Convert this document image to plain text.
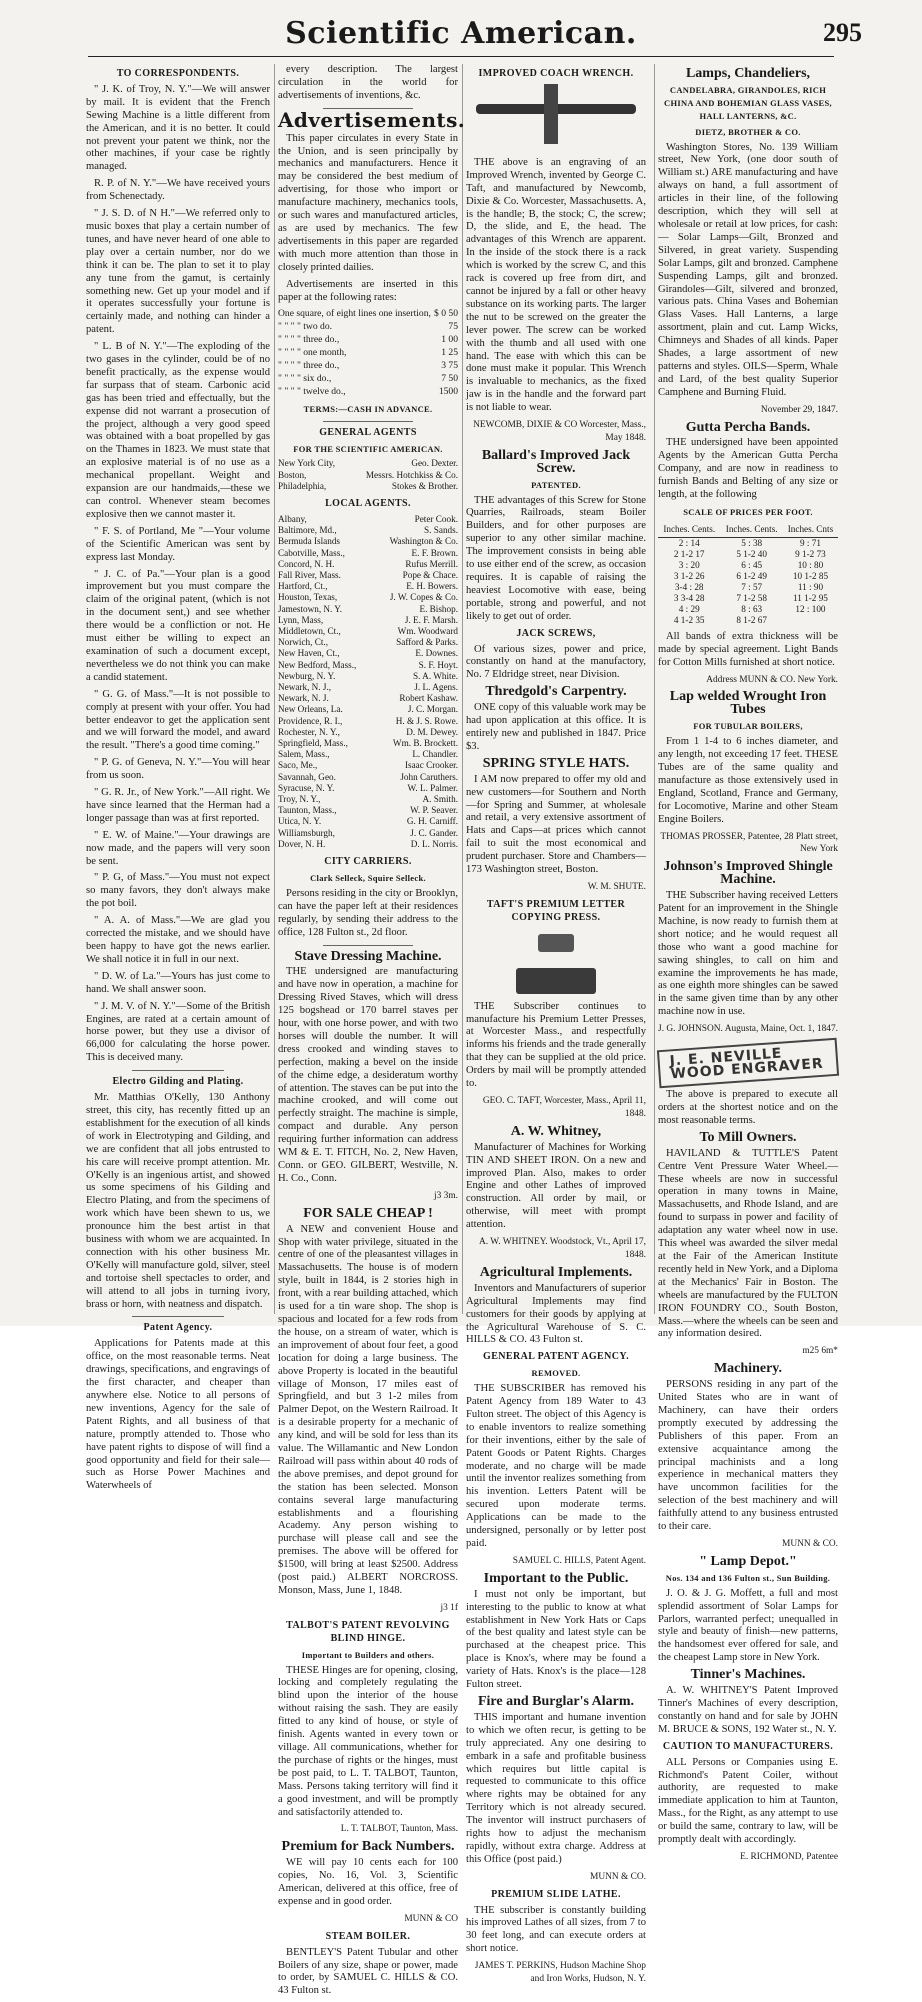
Scientific American.	295
TO CORRESPONDENTS.

" J. K. of Troy, N. Y."—We will answer by mail. It is evident that the French Sewing Machine is a little different from the American, and it is no better. It could not prevent your patent we think, nor the other machines, if your case be rightly managed.

R. P. of N. Y."—We have received yours from Schenectady.

" J. S. D. of N H."—We referred only to music boxes that play a certain number of tunes, and have never heard of one able to play over a certain number, nor do we think it can be. The plan to set it to play any tune from the gamut, is certainly something new. Get up your model and if it operates successfully your fortune is certainly made, and nothing can hinder a patent.

" L. B of N. Y."—The exploding of the two gases in the cylinder, could be of no benefit practically, as the expense would far surpass that of steam. Carbonic acid gas has been tried and effectually, but the expense did not warrant a prosecution of the project, although a very good speed was obtained with a boat propelled by gas on the Thames in 1823. We must state that an explosive material is of no use as a mechanical propellant. Weight and expansion are our handmaids,—these we can control. Whenever steam becomes explosive then we cannot master it.

" F. S. of Portland, Me "—Your volume of the Scientific American was sent by express last Monday.

" J. C. of Pa."—Your plan is a good improvement but you must compare the claim of the original patent, (which is not in the document sent,) and see whether there would be a confliction or not. He must either be willing to expect an examination of such a document except, nevertheless we do not think you can make a candid statement.

" G. G. of Mass."—It is not possible to comply at present with your offer. You had better endeavor to get the application sent and we will forward the model, and award the result. "There's a good time coming."

" P. G. of Geneva, N. Y."—You will hear from us soon.

" G. R. Jr., of New York."—All right. We have since learned that the Herman had a longer passage than was at first reported.

" E. W. of Maine."—Your drawings are now made, and the papers will very soon be sent.

" P. G, of Mass."—You must not expect so many favors, they don't always make the pot boil.

" A. A. of Mass."—We are glad you corrected the mistake, and we should have been happy to have got the news earlier. We shall notice it in full in our next.

" D. W. of La."—Yours has just come to hand. We shall answer soon.

" J. M. V. of N. Y."—Some of the British Engines, are rated at a certain amount of horse power, but they use a divisor of 66,000 for calculating the horse power. This is deceived many.

Electro Gilding and Plating.

Mr. Matthias O'Kelly, 130 Anthony street, this city, has recently fitted up an establishment for the execution of all kinds of work in Electrotyping and Gilding, and we are confident that all jobs entrusted to his care will receive prompt attention. Mr. O'Kelly is an ingenious artist, and showed us some specimens of his Gilding and Electro Plating, and from the specimens of work which have been shewn to us, we pronounce him the best artist in that business with whom we are acquainted. In connection with his other business Mr. O'Kelly will manufacture gold, silver, steel and tortoise shell spectacles to order, and will attend to all jobs in turning ivory, brass or horn, with neatness and dispatch.

Patent Agency.

Applications for Patents made at this office, on the most reasonable terms. Neat drawings, specifications, and engravings of the first character, and cheaper than anywhere else. Notice to all persons of new inventions, Agency for the sale of Patent Rights, and all business of that nature, promptly attended to. Those who have patent rights to dispose of will find a good opportunity and field for their sale—such as Horse Power Machines and Waterwheels of

every description. The largest circulation in the world for advertisements of inventions, &c.

Advertisements.

This paper circulates in every State in the Union, and is seen principally by mechanics and manufacturers. Hence it may be considered the best medium of advertising, for those who import or manufacture machinery, mechanics tools, or such wares and manufactured articles, as are used by mechanics. The few advertisements in this paper are regarded with much more attention than those in closely printed dailies.

Advertisements are inserted in this paper at the following rates:

One square, of eight lines one insertion, $ 0 50
" " " " two do.	75
" " " " three do.,	1 00
" " " " one month,	1 25
" " " " three do.,	3 75
" " " " six do.,	7 50
" " " " twelve do.,	1500
TERMS:—CASH IN ADVANCE.
GENERAL AGENTS
FOR THE SCIENTIFIC AMERICAN.
New York City,	Geo. Dexter.
Boston,	Messrs. Hotchkiss & Co.
Philadelphia,	Stokes & Brother.
LOCAL AGENTS.
Albany,	Peter Cook.
Baltimore, Md.,	S. Sands.
Bermuda Islands	Washington & Co.
Cabotville, Mass.,	E. F. Brown.
Concord, N. H.	Rufus Merrill.
Fall River, Mass.	Pope & Chace.
Hartford, Ct.,	E. H. Bowers.
Houston, Texas,	J. W. Copes & Co.
Jamestown, N. Y.	E. Bishop.
Lynn, Mass,	J. E. F. Marsh.
Middletown, Ct.,	Wm. Woodward
Norwich, Ct.,	Safford & Parks.
New Haven, Ct.,	E. Downes.
New Bedford, Mass.,	S. F. Hoyt.
Newburg, N. Y.	S. A. White.
Newark, N. J.,	J. L. Agens.
Newark, N. J.	Robert Kashaw.
New Orleans, La.	J. C. Morgan.
Providence, R. I.,	H. & J. S. Rowe.
Rochester, N. Y.,	D. M. Dewey.
Springfield, Mass.,	Wm. B. Brockett.
Salem, Mass.,	L. Chandler.
Saco, Me.,	Isaac Crooker.
Savannah, Geo.	John Caruthers.
Syracuse, N. Y.	W. L. Palmer.
Troy, N. Y.,	A. Smith.
Taunton, Mass.,	W. P. Seaver.
Utica, N. Y.	G. H. Carniff.
Williamsburgh,	J. C. Gander.
Dover, N. H.	D. L. Norris.
CITY CARRIERS.
Clark Selleck, Squire Selleck.

Persons residing in the city or Brooklyn, can have the paper left at their residences regularly, by sending their address to the office, 128 Fulton st., 2d floor.

Stave Dressing Machine.

THE undersigned are manufacturing and have now in operation, a machine for Dressing Rived Staves, which will dress 125 bogshead or 170 barrel staves per hour, with one horse power, and with two horses will double the number. It will dress crooked and winding staves to perfection, making a bevel on the inside of the chime edge, a desideratum worthy of attention. The staves can be put into the machine crooked, and will come out perfectly straight. The machine is simple, compact and durable. Any person requiring further information can address WM & E. T. FITCH, No. 2, New Haven, Conn. or GEO. GILBERT, Westville, N. H. Co., Conn.

j3 3m.
FOR SALE CHEAP !

A NEW and convenient House and Shop with water privilege, situated in the centre of one of the pleasantest villages in Massachusetts. The house is of modern style, built in 1844, is 2 stories high in front, with a rear building attached, which is used for a tin ware shop. The shop is spacious and located for a few rods from the house, on a stream of water, which is an improvement of about four feet, a good location for doing a large business. The above Property is located in the beautiful village of Monson, 17 miles east of Springfield, and but 3 1-2 miles from Palmer Depot, on the Western Railroad. It is a desirable property for a mechanic of any kind, and will be sold for less than its value. The Willamantic and New London Railroad will pass within about 40 rods of the above premises, and depot ground for the station has been selected. Monson contains several large manufacturing establishments and a flourishing Academy. Any person wishing to purchase will please call and see the premises. The above will be offered for $1500, will bring at least $2500. Address (post paid.) ALBERT NORCROSS. Monson, Mass, June 1, 1848.

j3 1f
TALBOT'S PATENT REVOLVING BLIND HINGE.
Important to Builders and others.

THESE Hinges are for opening, closing, locking and completely regulating the blind upon the interior of the house without raising the sash. They are easily fitted to any kind of house, or style of finish. Agents wanted in every town or village. All communications, whether for the purchase of rights or the hinges, must be post paid, to L. T. TALBOT, Taunton, Mass. Persons taking territory will find it a good investment, and will be promptly and satisfactorily attended to.

L. T. TALBOT, Taunton, Mass.
Premium for Back Numbers.

WE will pay 10 cents each for 100 copies, No. 16, Vol. 3, Scientific American, delivered at this office, free of expense and in good order.

MUNN & CO
STEAM BOILER.

BENTLEY'S Patent Tubular and other Boilers of any size, shape or power, made to order, by SAMUEL C. HILLS & CO. 43 Fulton st.

IMPROVED COACH WRENCH.

THE above is an engraving of an Improved Wrench, invented by George C. Taft, and manufactured by Newcomb, Dixie & Co. Worcester, Massachusetts. A, is the handle; B, the stock; C, the screw; D, the slide, and E, the head. The advantages of this Wrench are apparent. In the inside of the stock there is a rack which is worked by the screw C, and this rack is covered up free from dirt, and cannot be injured by a fall or other heavy substance on its working parts. The larger the nut to be screwed on the greater the lever power. The screw can be worked with the thumb and all used with one hand. The ease with which this can be done must make it popular. This Wrench is invaluable to mechanics, as the fixed jaw is in the handle and the forward part is not liable to wear.

NEWCOMB, DIXIE & CO Worcester, Mass., May 1848.
Ballard's Improved Jack Screw.
PATENTED.

THE advantages of this Screw for Stone Quarries, Railroads, steam Boiler Builders, and for other purposes are superior to any other similar machine. The improvement consists in being able to use either end of the screw, as occasion requires. It is capable of raising the heaviest Locomotive with ease, being portable, strong and powerful, and not likely to get out of order.

JACK SCREWS,

Of various sizes, power and price, constantly on hand at the manufactory, No. 7 Eldridge street, near Division.

Thredgold's Carpentry.

ONE copy of this valuable work may be had upon application at this office. It is entirely new and published in 1847. Price $3.

SPRING STYLE HATS.

I AM now prepared to offer my old and new customers—for Southern and North—for Spring and Summer, at wholesale and retail, a very extensive assortment of Hats and Caps—at prices which cannot fail to suit the most economical and prudent purchaser. Store and Chambers—173 Washington street, Boston.

W. M. SHUTE.
TAFT'S PREMIUM LETTER COPYING PRESS.

THE Subscriber continues to manufacture his Premium Letter Presses, at Worcester Mass., and respectfully informs his friends and the trade generally that they can be supplied at the old price. Orders by mail will be promptly attended to.

GEO. C. TAFT, Worcester, Mass., April 11, 1848.
A. W. Whitney,

Manufacturer of Machines for Working TIN AND SHEET IRON. On a new and improved Plan. Also, makes to order Engine and other Lathes of improved construction. All order by mail, or otherwise, will meet with prompt attention.

A. W. WHITNEY. Woodstock, Vt., April 17, 1848.
Agricultural Implements.

Inventors and Manufacturers of superior Agricultural Implements may find customers for their goods by applying at the Agricultural Warehouse of S. C. HILLS & CO. 43 Fulton st.

GENERAL PATENT AGENCY.
REMOVED.

THE SUBSCRIBER has removed his Patent Agency from 189 Water to 43 Fulton street. The object of this Agency is to enable inventors to realize something for their inventions, either by the sale of Patent Goods or Patent Rights. Charges moderate, and no charge will be made until the inventor realizes something from his invention. Letters Patent will be secured upon moderate terms. Applications can be made to the undersigned, personally or by letter post paid.

SAMUEL C. HILLS, Patent Agent.
Important to the Public.

I must not only be important, but interesting to the public to know at what establishment in New York Hats or Caps of the best quality and latest style can be purchased at the cheapest price. This place is Knox's, where may be found a variety of Hats. Knox's is the place—128 Fulton street.

Fire and Burglar's Alarm.

THIS important and humane invention to which we often recur, is getting to be truly appreciated. Any one desiring to embark in a safe and profitable business which requires but little capital is requested to communicate to this office where rights may be obtained for any Territory which is not already secured. The inventor will instruct purchasers of rights how to adjust the mechanism rapidly, without extra charge. Address at this Office (post paid.)

MUNN & CO.
PREMIUM SLIDE LATHE.

THE subscriber is constantly building his improved Lathes of all sizes, from 7 to 30 feet long, and can execute orders at short notice.

JAMES T. PERKINS, Hudson Machine Shop and Iron Works, Hudson, N. Y.
Lamps, Chandeliers,
CANDELABRA, GIRANDOLES, RICH CHINA AND BOHEMIAN GLASS VASES, HALL LANTERNS, &C.
DIETZ, BROTHER & CO.

Washington Stores, No. 139 William street, New York, (one door south of William st.) ARE manufacturing and have always on hand, a full assortment of articles in their line, of the following description, which they will sell at wholesale or retail at low prices, for cash:— Solar Lamps—Gilt, Bronzed and Silvered, in great variety. Suspending Solar Lamps, gilt and bronzed. Camphene Suspending Lamps, gilt and bronzed. Girandoles—Gilt, silvered and bronzed, various pats. China Vases and Bohemian Glass Vases. Hall Lanterns, a large assortment, plain and cut. Lamp Wicks, Chimneys and Shades of all kinds. Paper Shades, a large assortment of new patterns and styles. OILS—Sperm, Whale and Lard, of the best quality Superior Camphene and Burning Fluid.

November 29, 1847.
Gutta Percha Bands.

THE undersigned have been appointed Agents by the American Gutta Percha Company, and are now in readiness to furnish Bands and Belting of any size or length, at the following

SCALE OF PRICES PER FOOT.
Inches. Cents.	Inches. Cents.	Inches. Cnts
2 : 14	5 : 38	9 : 71
2 1-2 17	5 1-2 40	9 1-2 73
3 : 20	6 : 45	10 : 80
3 1-2 26	6 1-2 49	10 1-2 85
3-4 : 28	7 : 57	11 : 90
3 3-4 28	7 1-2 58	11 1-2 95
4 : 29	8 : 63	12 : 100
4 1-2 35	8 1-2 67	

All bands of extra thickness will be made by special agreement. Light Bands for Cotton Mills furnished at short notice.

Address MUNN & CO. New York.
Lap welded Wrought Iron Tubes
FOR TUBULAR BOILERS,

From 1 1-4 to 6 inches diameter, and any length, not exceeding 17 feet. THESE Tubes are of the same quality and manufacture as those extensively used in England, Scotland, France and Germany, for Locomotive, Marine and other Steam Engine Boilers.

THOMAS PROSSER, Patentee, 28 Platt street, New York
Johnson's Improved Shingle Machine.

THE Subscriber having received Letters Patent for an improvement in the Shingle Machine, is now ready to furnish them at short notice; and he would request all those who want a good machine for sawing shingles, to call on him and examine the improvements he has made, as one eighth more shingles can be sawed in the same given time than by any other machine now in use.

J. G. JOHNSON. Augusta, Maine, Oct. 1, 1847.
J. E. NEVILLE WOOD ENGRAVER

The above is prepared to execute all orders at the shortest notice and on the most reasonable terms.

To Mill Owners.

HAVILAND & TUTTLE'S Patent Centre Vent Pressure Water Wheel.—These wheels are now in successful operation in many towns in Maine, Massachusetts, and Rhode Island, and are found to surpass in power and facility of adaptation any water wheel now in use. This wheel was awarded the silver medal at the Fair of the American Institute recently held in New York, and a Diploma at the Mechanics' Fair in Boston. The wheels are manufactured by the FULTON IRON FOUNDRY CO., South Boston, Mass.—where the wheels can be seen and any information desired.

m25 6m*
Machinery.

PERSONS residing in any part of the United States who are in want of Machinery, can have their orders promptly executed by addressing the Publishers of this paper. From an extensive acquaintance among the principal machinists and a long experience in mechanical matters they have uncommon facilities for the selection of the best machinery and will faithfully attend to any business entrusted to their care.

MUNN & CO.
" Lamp Depot."
Nos. 134 and 136 Fulton st., Sun Building.

J. O. & J. G. Moffett, a full and most splendid assortment of Solar Lamps for Parlors, warranted perfect; unequalled in style and beauty of finish—new patterns, the handsomest ever offered for sale, and the cheapest Lamp store in New York.

Tinner's Machines.

A. W. WHITNEY'S Patent Improved Tinner's Machines of every description, constantly on hand and for sale by JOHN M. BRUCE & SONS, 192 Water st., N. Y.

CAUTION TO MANUFACTURERS.

ALL Persons or Companies using E. Richmond's Patent Coiler, without authority, are requested to make immediate application to him at Taunton, Mass., for the Right, as any attempt to use or build the same, contrary to law, will be promptly dealt with accordingly.

E. RICHMOND, Patentee
